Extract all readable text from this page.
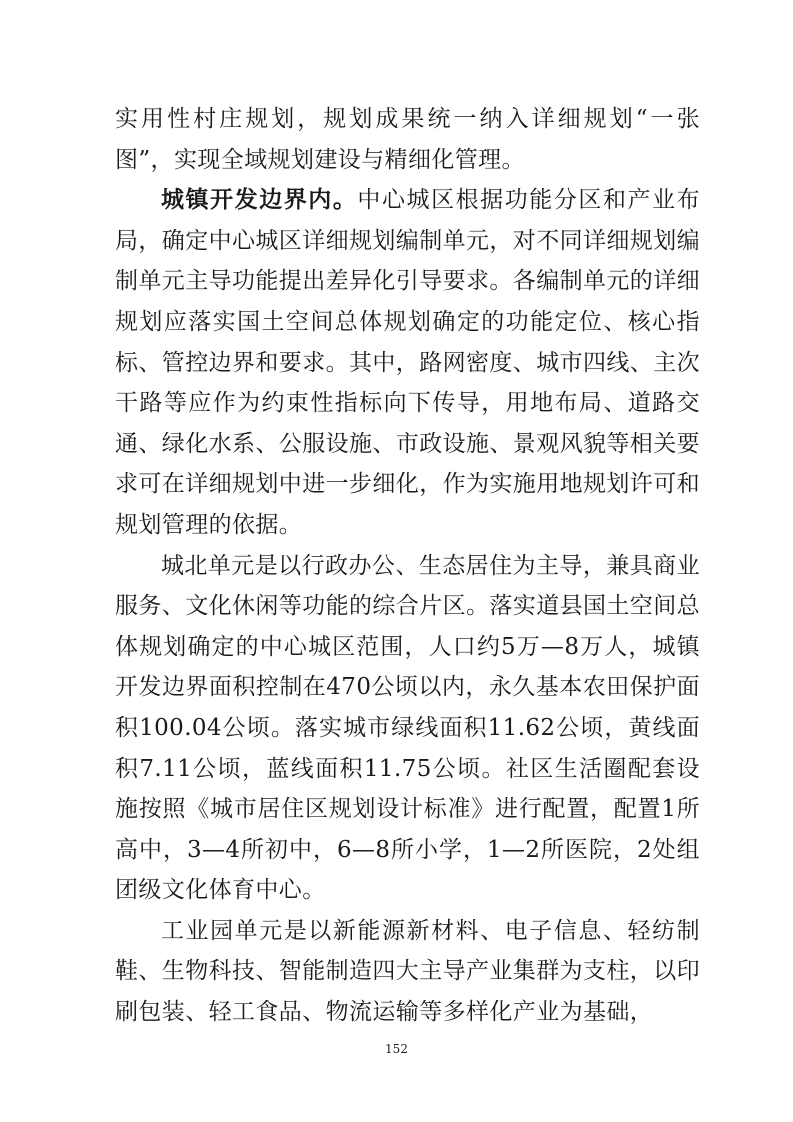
实用性村庄规划，规划成果统一纳入详细规划“一张图”，实现全域规划建设与精细化管理。

城镇开发边界内。中心城区根据功能分区和产业布局，确定中心城区详细规划编制单元，对不同详细规划编制单元主导功能提出差异化引导要求。各编制单元的详细规划应落实国土空间总体规划确定的功能定位、核心指标、管控边界和要求。其中，路网密度、城市四线、主次干路等应作为约束性指标向下传导，用地布局、道路交通、绿化水系、公服设施、市政设施、景观风貌等相关要求可在详细规划中进一步细化，作为实施用地规划许可和规划管理的依据。

城北单元是以行政办公、生态居住为主导，兼具商业服务、文化休闲等功能的综合片区。落实道县国土空间总体规划确定的中心城区范围，人口约5万—8万人，城镇开发边界面积控制在470公顷以内，永久基本农田保护面积100.04公顷。落实城市绿线面积11.62公顷，黄线面积7.11公顷，蓝线面积11.75公顷。社区生活圈配套设施按照《城市居住区规划设计标准》进行配置，配置1所高中，3—4所初中，6—8所小学，1—2所医院，2处组团级文化体育中心。

工业园单元是以新能源新材料、电子信息、轻纺制鞋、生物科技、智能制造四大主导产业集群为支柱，以印刷包装、轻工食品、物流运输等多样化产业为基础，

152
